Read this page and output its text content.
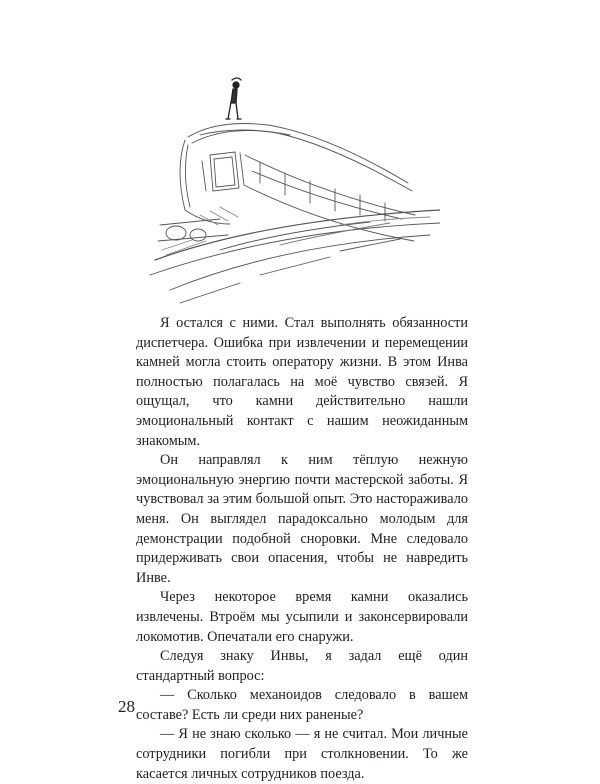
Я остался с ними. Стал выполнять обязанности диспетчера. Ошибка при извлечении и перемещении камней могла стоить оператору жизни. В этом Инва полностью полагалась на моё чувство связей. Я ощущал, что камни действительно нашли эмоциональный контакт с нашим неожиданным знакомым.

Он направлял к ним тёплую нежную эмоциональную энергию почти мастерской заботы. Я чувствовал за этим большой опыт. Это настораживало меня. Он выглядел парадоксально молодым для демонстрации подобной сноровки. Мне следовало придерживать свои опасения, чтобы не навредить Инве.

Через некоторое время камни оказались извлечены. Втроём мы усыпили и законсервировали локомотив. Опечатали его снаружи.

Следуя знаку Инвы, я задал ещё один стандартный вопрос:

— Сколько механоидов следовало в вашем составе? Есть ли среди них раненые?

— Я не знаю сколько — я не считал. Мои личные сотрудники погибли при столкновении. То же касается личных сотрудников поезда.

28
